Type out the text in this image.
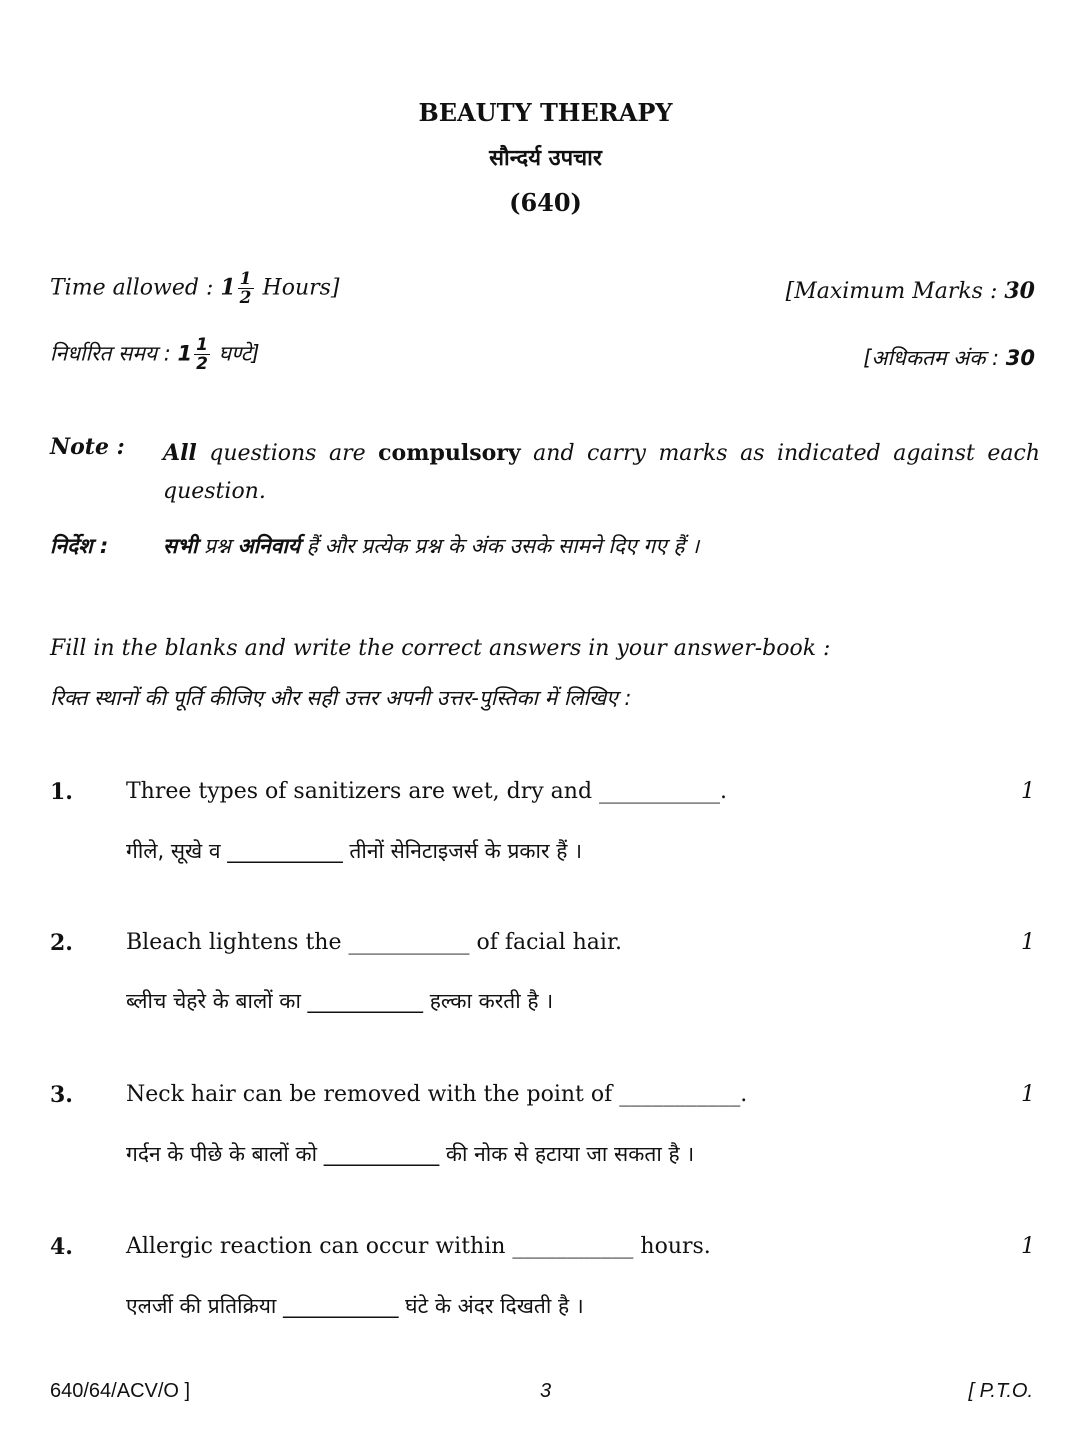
BEAUTY THERAPY
सौन्दर्य उपचार
(640)
Time allowed : $1 \frac{1}{2}$ Hours]	[Maximum Marks : 30
निर्धारित समय : $1 \frac{1}{2}$ घण्टे]	[अधिकतम अंक : 30
Note : All questions are compulsory and carry marks as indicated against each question.
निर्देश :	सभी प्रश्न अनिवार्य हैं और प्रत्येक प्रश्न के अंक उसके सामने दिए गए हैं ।
Fill in the blanks and write the correct answers in your answer-book :
रिक्त स्थानों की पूर्ति कीजिए और सही उत्तर अपनी उत्तर-पुस्तिका में लिखिए :
1. Three types of sanitizers are wet, dry and ___________.	1
गीले, सूखे व ___________ तीनों सेनिटाइजर्स के प्रकार हैं ।
2. Bleach lightens the ___________ of facial hair.	1
ब्लीच चेहरे के बालों का ___________ हल्का करती है ।
3. Neck hair can be removed with the point of ___________.	1
गर्दन के पीछे के बालों को ___________ की नोक से हटाया जा सकता है ।
4. Allergic reaction can occur within ___________ hours.	1
एलर्जी की प्रतिक्रिया ___________ घंटे के अंदर दिखती है ।
640/64/ACV/O ]	3	[ P.T.O.
